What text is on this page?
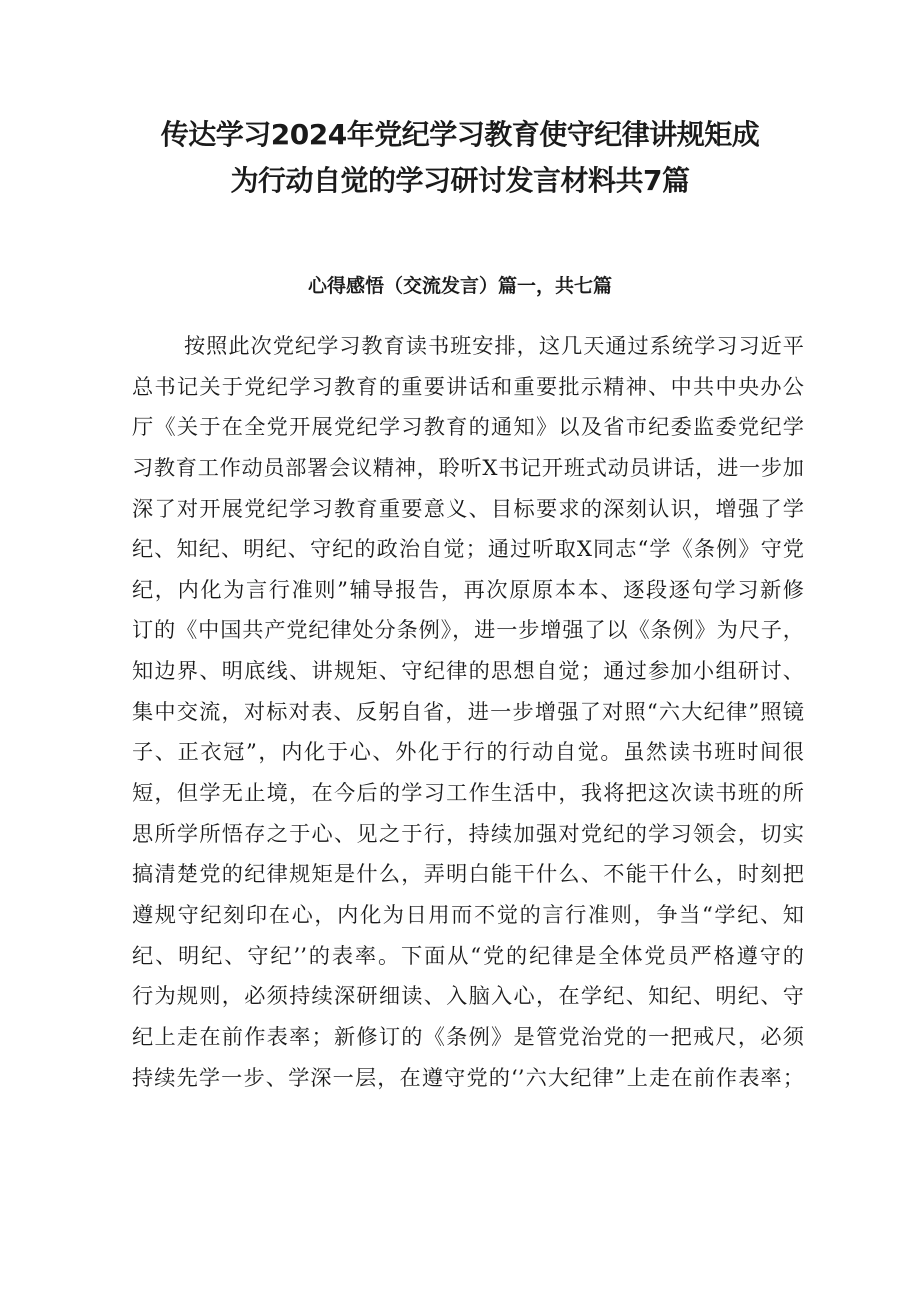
传达学习2024年党纪学习教育使守纪律讲规矩成
为行动自觉的学习研讨发言材料共7篇
心得感悟（交流发言）篇一，共七篇
按照此次党纪学习教育读书班安排，这几天通过系统学习习近平
总书记关于党纪学习教育的重要讲话和重要批示精神、中共中央办公
厅《关于在全党开展党纪学习教育的通知》以及省市纪委监委党纪学
习教育工作动员部署会议精神，聆听X书记开班式动员讲话，进一步加
深了对开展党纪学习教育重要意义、目标要求的深刻认识，增强了学
纪、知纪、明纪、守纪的政治自觉；通过听取X同志“学《条例》守党
纪，内化为言行准则”辅导报告，再次原原本本、逐段逐句学习新修
订的《中国共产党纪律处分条例》，进一步增强了以《条例》为尺子，
知边界、明底线、讲规矩、守纪律的思想自觉；通过参加小组研讨、
集中交流，对标对表、反躬自省，进一步增强了对照“六大纪律”照镜
子、正衣冠”，内化于心、外化于行的行动自觉。虽然读书班时间很
短，但学无止境，在今后的学习工作生活中，我将把这次读书班的所
思所学所悟存之于心、见之于行，持续加强对党纪的学习领会，切实
搞清楚党的纪律规矩是什么，弄明白能干什么、不能干什么，时刻把
遵规守纪刻印在心，内化为日用而不觉的言行准则，争当“学纪、知
纪、明纪、守纪’’的表率。下面从“党的纪律是全体党员严格遵守的
行为规则，必须持续深研细读、入脑入心，在学纪、知纪、明纪、守
纪上走在前作表率；新修订的《条例》是管党治党的一把戒尺，必须
持续先学一步、学深一层，在遵守党的‘’六大纪律”上走在前作表率；
